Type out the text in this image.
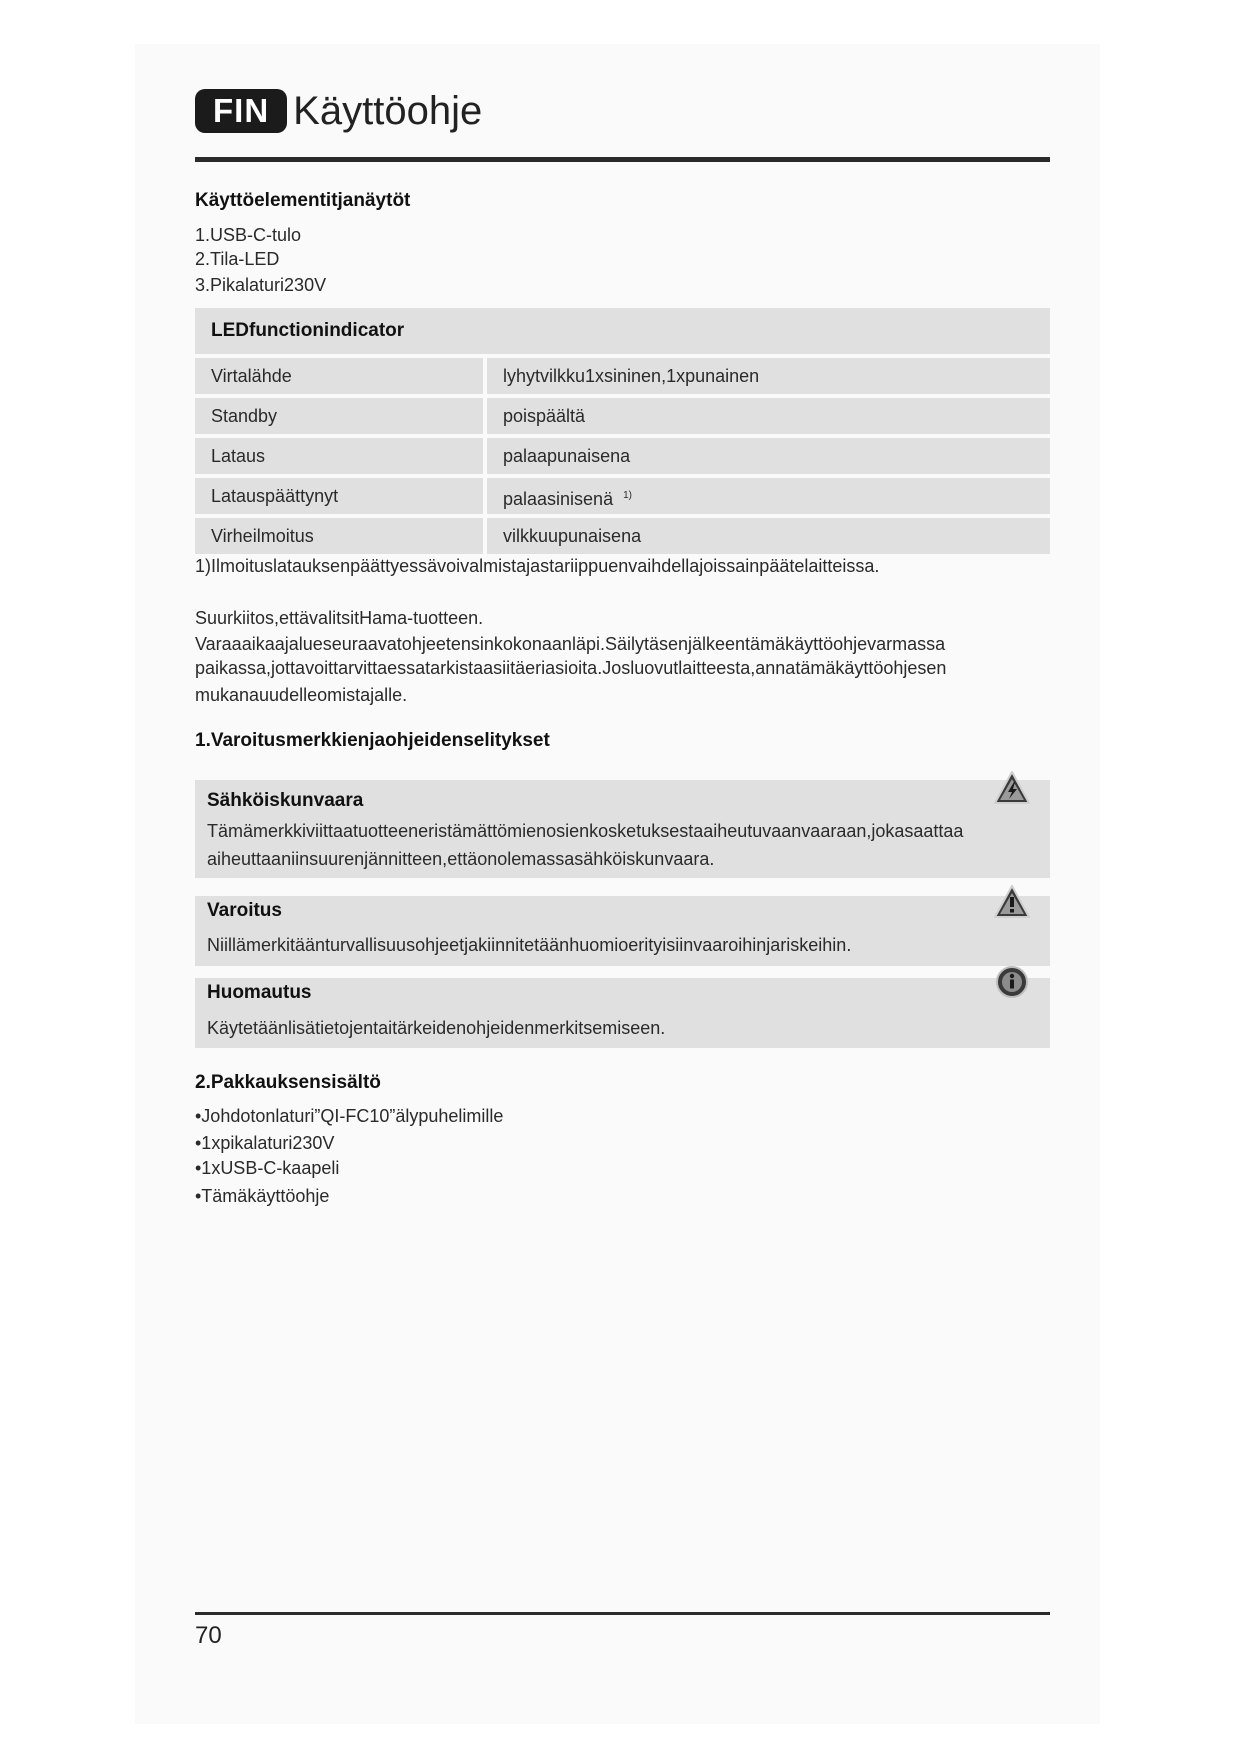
FIN Käyttöohje
Käyttöelementitjanäytöt
1.USB-C-tulo
2.Tila-LED
3.Pikalaturi230V
LEDfunctionindicator
Virtalähde	lyhytvilkku1xsininen,1xpunainen
Standby	poispäältä
Lataus	palaapunaisena
Latauspäättynyt	palaasinisenä $^{1)}$
Virheilmoitus	vilkkuupunaisena
1)Ilmoituslatauksenpäättyessävoivalmistajastariippuenvaihdellajoissainpäätelaitteissa.
Suurkiitos,ettävalitsitHama-tuotteen.
Varaaaikaajalueseuraavatohjeetensinkokonaanläpi.Säilytäsenjälkeentämäkäyttöohjevarmassa
paikassa,jottavoittarvittaessatarkistaasiitäeriasioita.Josluovutlaitteesta,annatämäkäyttöohjesen
mukanauudelleomistajalle.
1.Varoitusmerkkienjaohjeidenselitykset
Sähköiskunvaara
Tämämerkkiviittaatuotteeneristämättömienosienkosketuksestaaiheutuvaanvaaraan,jokasaattaa
aiheuttaaniinsuurenjännitteen,ettäonolemassasähköiskunvaara.
Varoitus
Niillämerkitäänturvallisuusohjeetjakiinnitetäänhuomioerityisiinvaaroihinjariskeihin.
Huomautus
Käytetäänlisätietojentaitärkeidenohjeidenmerkitsemiseen.
2.Pakkauksensisältö
•Johdotonlaturi”QI-FC10”älypuhelimille
•1xpikalaturi230V
•1xUSB-C-kaapeli
•Tämäkäyttöohje
70
